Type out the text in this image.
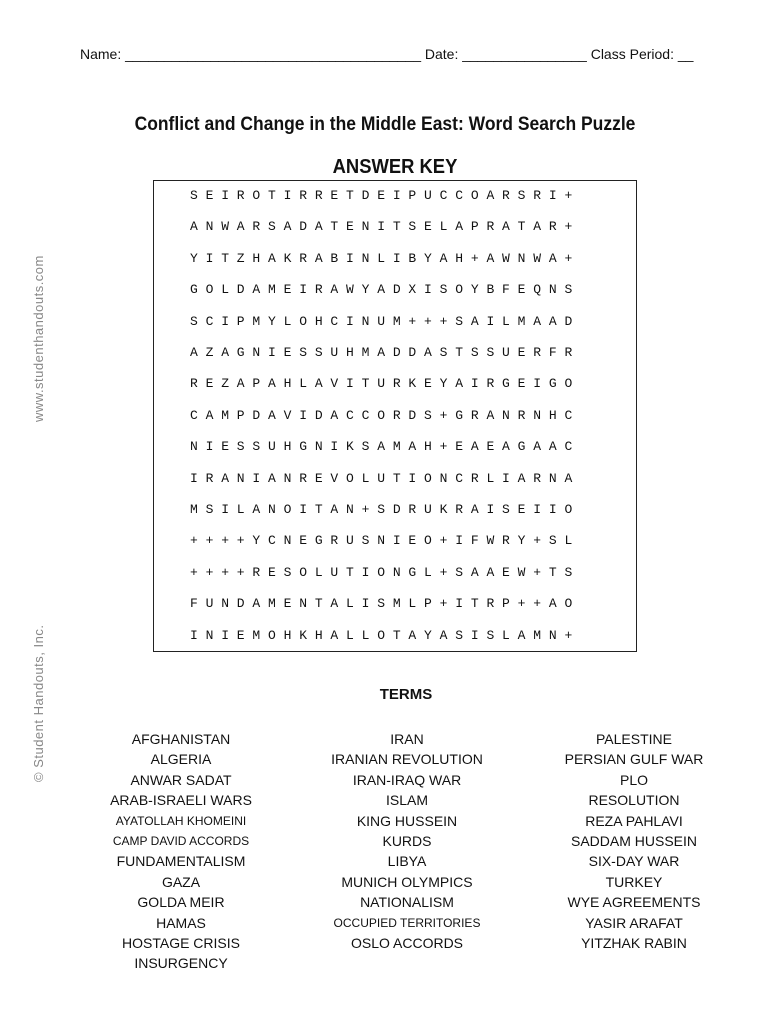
Name: ______________________________________ Date: ________________ Class Period: __
Conflict and Change in the Middle East: Word Search Puzzle
ANSWER KEY
S E I R O T I R R E T D E I P U C C O A R S R I +
A N W A R S A D A T E N I T S E L A P R A T A R +
Y I T Z H A K R A B I N L I B Y A H + A W N W A +
G O L D A M E I R A W Y A D X I S O Y B F E Q N S
S C I P M Y L O H C I N U M + + + S A I L M A A D
A Z A G N I E S S U H M A D D A S T S S U E R F R
R E Z A P A H L A V I T U R K E Y A I R G E I G O
C A M P D A V I D A C C O R D S + G R A N R N H C
N I E S S U H G N I K S A M A H + E A E A G A A C
I R A N I A N R E V O L U T I O N C R L I A R N A
M S I L A N O I T A N + S D R U K R A I S E I I O
+ + + + Y C N E G R U S N I E O + I F W R Y + S L
+ + + + R E S O L U T I O N G L + S A A E W + T S
F U N D A M E N T A L I S M L P + I T R P + + A O
I N I E M O H K H A L L O T A Y A S I S L A M N +
TERMS
AFGHANISTAN
ALGERIA
ANWAR SADAT
ARAB-ISRAELI WARS
AYATOLLAH KHOMEINI
CAMP DAVID ACCORDS
FUNDAMENTALISM
GAZA
GOLDA MEIR
HAMAS
HOSTAGE CRISIS
INSURGENCY
IRAN
IRANIAN REVOLUTION
IRAN-IRAQ WAR
ISLAM
KING HUSSEIN
KURDS
LIBYA
MUNICH OLYMPICS
NATIONALISM
OCCUPIED TERRITORIES
OSLO ACCORDS
PALESTINE
PERSIAN GULF WAR
PLO
RESOLUTION
REZA PAHLAVI
SADDAM HUSSEIN
SIX-DAY WAR
TURKEY
WYE AGREEMENTS
YASIR ARAFAT
YITZHAK RABIN
www.studenthandouts.com
© Student Handouts, Inc.
